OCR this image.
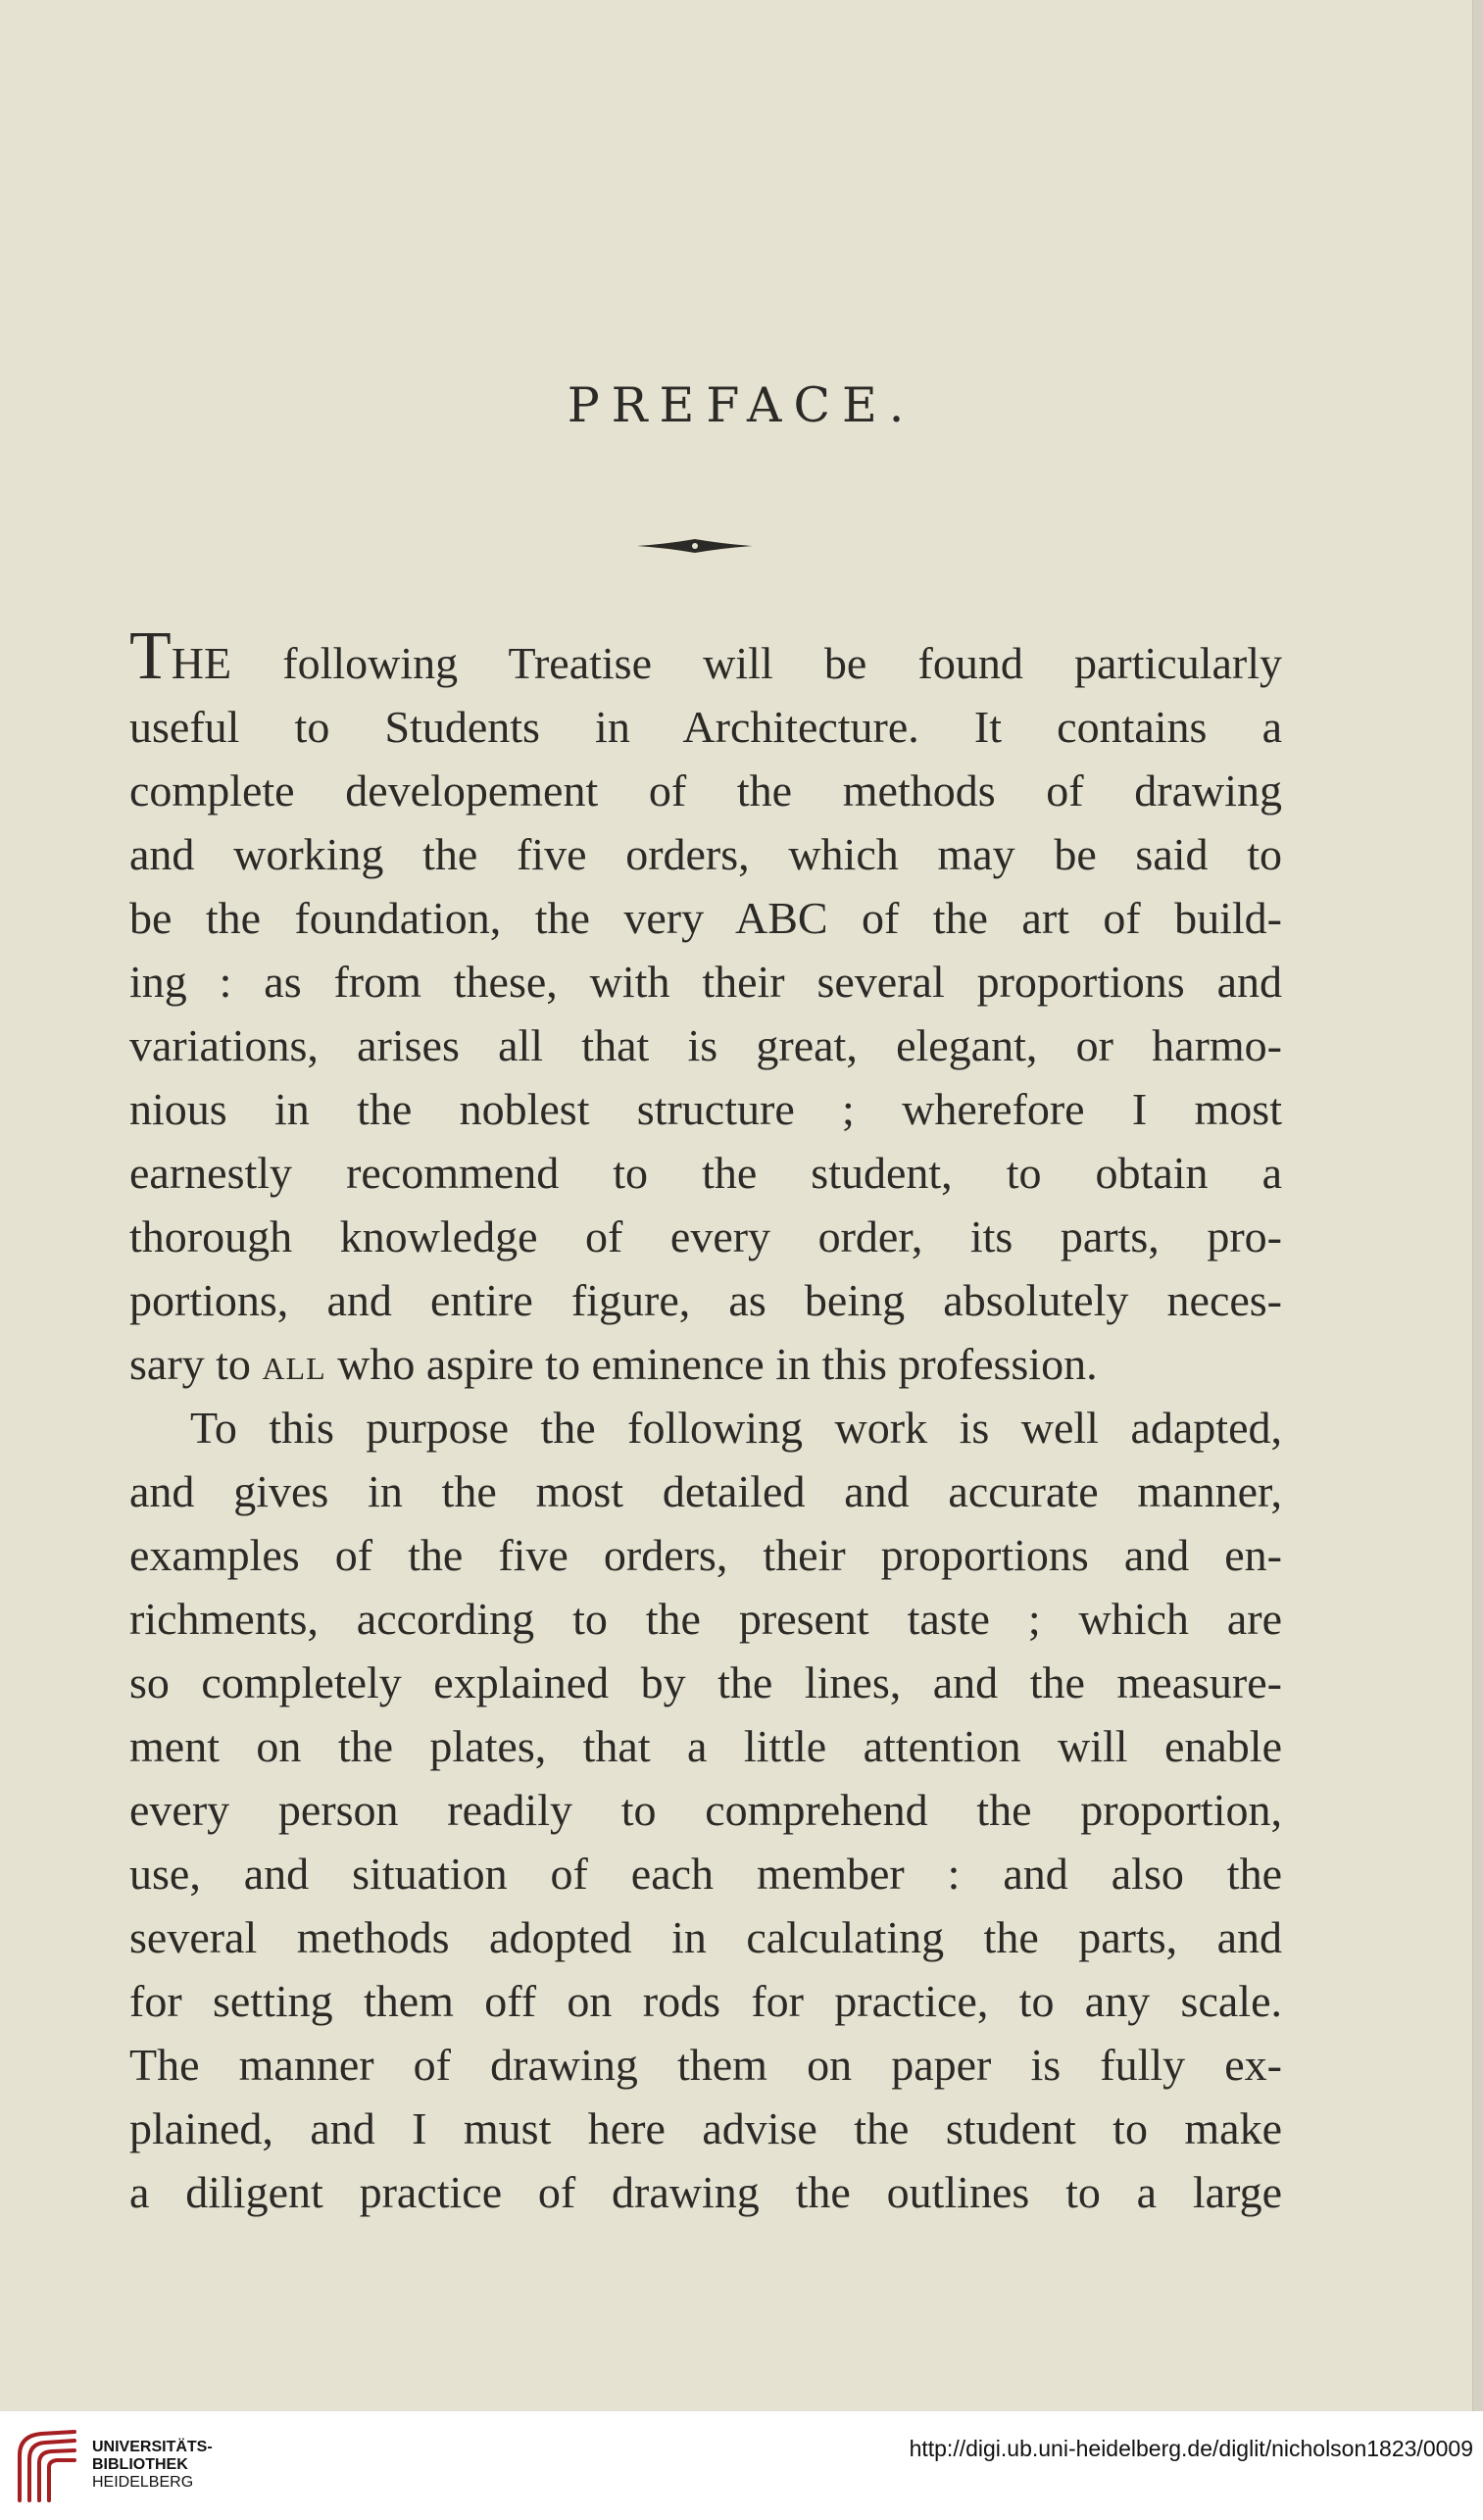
PREFACE.
THE following Treatise will be found particularly
useful to Students in Architecture. It contains a
complete developement of the methods of drawing
and working the five orders, which may be said to
be the foundation, the very ABC of the art of build-
ing : as from these, with their several proportions and
variations, arises all that is great, elegant, or harmo-
nious in the noblest structure ; wherefore I most
earnestly recommend to the student, to obtain a
thorough knowledge of every order, its parts, pro-
portions, and entire figure, as being absolutely neces-
sary to all who aspire to eminence in this profession.
To this purpose the following work is well adapted,
and gives in the most detailed and accurate manner,
examples of the five orders, their proportions and en-
richments, according to the present taste ; which are
so completely explained by the lines, and the measure-
ment on the plates, that a little attention will enable
every person readily to comprehend the proportion,
use, and situation of each member : and also the
several methods adopted in calculating the parts, and
for setting them off on rods for practice, to any scale.
The manner of drawing them on paper is fully ex-
plained, and I must here advise the student to make
a diligent practice of drawing the outlines to a large
UNIVERSITÄTS-
BIBLIOTHEK
HEIDELBERG
http://digi.ub.uni-heidelberg.de/diglit/nicholson1823/0009
